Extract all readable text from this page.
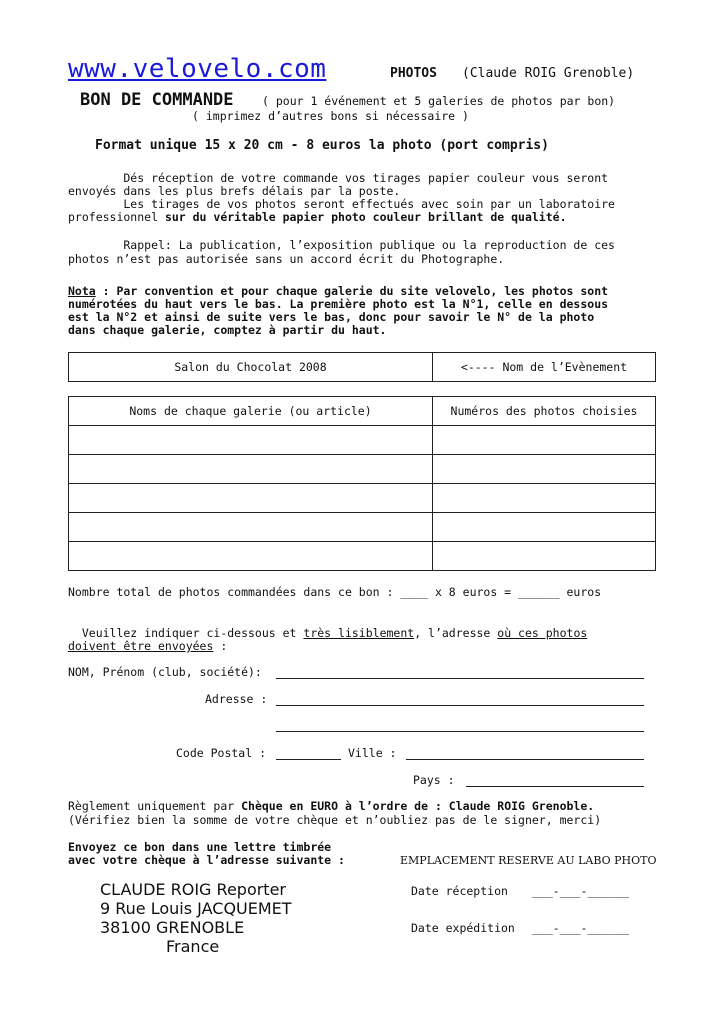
www.velovelo.com	PHOTOS (Claude ROIG Grenoble)
BON DE COMMANDE ( pour 1 événement et 5 galeries de photos par bon)
( imprimez d’autres bons si nécessaire )
Format unique 15 x 20 cm - 8 euros la photo (port compris)
Dés réception de votre commande vos tirages papier couleur vous seront
envoyés dans les plus brefs délais par la poste.
Les tirages de vos photos seront effectués avec soin par un laboratoire
professionnel sur du véritable papier photo couleur brillant de qualité.
Rappel: La publication, l’exposition publique ou la reproduction de ces
photos n’est pas autorisée sans un accord écrit du Photographe.
Nota : Par convention et pour chaque galerie du site velovelo, les photos sont
numérotées du haut vers le bas. La première photo est la N°1, celle en dessous
est la N°2 et ainsi de suite vers le bas, donc pour savoir le N° de la photo
dans chaque galerie, comptez à partir du haut.
Salon du Chocolat 2008	<---- Nom de l’Evènement
Noms de chaque galerie (ou article)	Numéros des photos choisies

Nombre total de photos commandées dans ce bon : ____ x 8 euros = ______ euros
Veuillez indiquer ci-dessous et très lisiblement, l’adresse où ces photos
doivent être envoyées :
NOM, Prénom (club, société):
Adresse :
Code Postal :	Ville :
Pays :
Règlement uniquement par Chèque en EURO à l’ordre de : Claude ROIG Grenoble.
(Vérifiez bien la somme de votre chèque et n’oubliez pas de le signer, merci)
Envoyez ce bon dans une lettre timbrée
avec votre chèque à l’adresse suivante :	EMPLACEMENT RESERVE AU LABO PHOTO
Date réception ___-___-______
Date expédition ___-___-______
CLAUDE ROIG Reporter
9 Rue Louis JACQUEMET
38100 GRENOBLE
France
